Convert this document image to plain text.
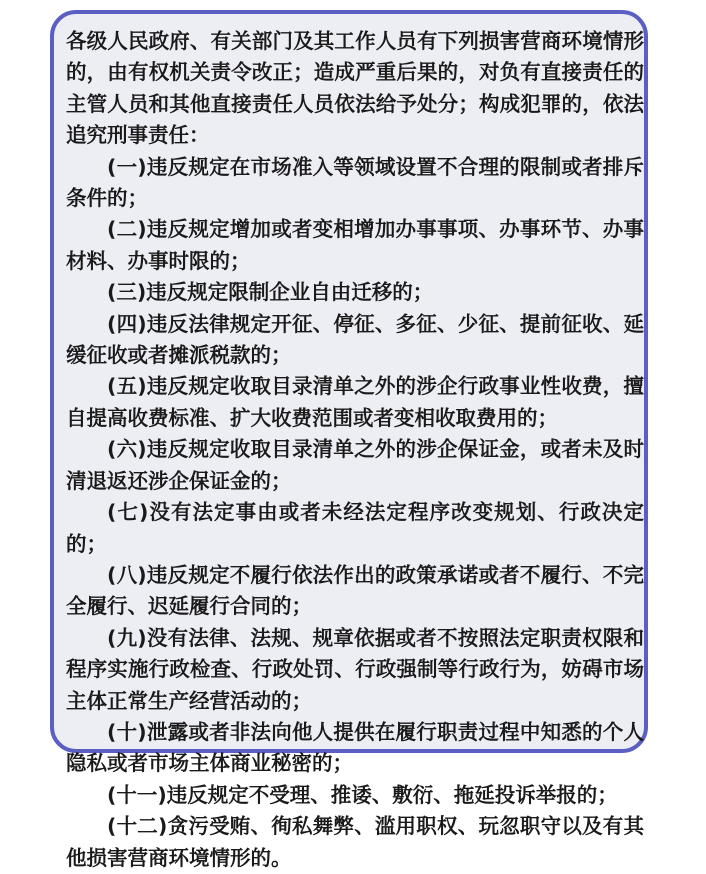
各级人民政府、有关部门及其工作人员有下列损害营商环境情形的，由有权机关责令改正；造成严重后果的，对负有直接责任的主管人员和其他直接责任人员依法给予处分；构成犯罪的，依法追究刑事责任：

(一)违反规定在市场准入等领域设置不合理的限制或者排斥条件的；

(二)违反规定增加或者变相增加办事事项、办事环节、办事材料、办事时限的；

(三)违反规定限制企业自由迁移的；

(四)违反法律规定开征、停征、多征、少征、提前征收、延缓征收或者摊派税款的；

(五)违反规定收取目录清单之外的涉企行政事业性收费，擅自提高收费标准、扩大收费范围或者变相收取费用的；

(六)违反规定收取目录清单之外的涉企保证金，或者未及时清退返还涉企保证金的；

(七)没有法定事由或者未经法定程序改变规划、行政决定的；

(八)违反规定不履行依法作出的政策承诺或者不履行、不完全履行、迟延履行合同的；

(九)没有法律、法规、规章依据或者不按照法定职责权限和程序实施行政检查、行政处罚、行政强制等行政行为，妨碍市场主体正常生产经营活动的；

(十)泄露或者非法向他人提供在履行职责过程中知悉的个人隐私或者市场主体商业秘密的；

(十一)违反规定不受理、推诿、敷衍、拖延投诉举报的；

(十二)贪污受贿、徇私舞弊、滥用职权、玩忽职守以及有其他损害营商环境情形的。
